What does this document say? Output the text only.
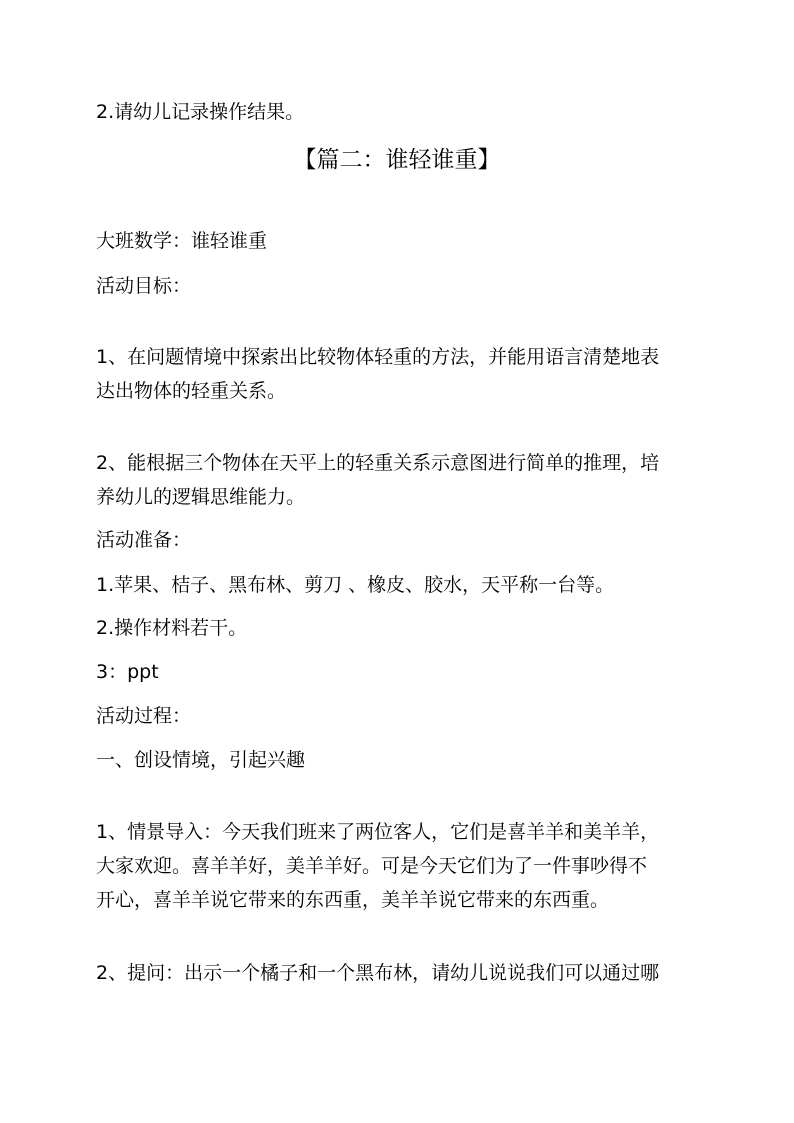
2.请幼儿记录操作结果。
【篇二：谁轻谁重】
大班数学：谁轻谁重
活动目标：
1、在问题情境中探索出比较物体轻重的方法，并能用语言清楚地表
达出物体的轻重关系。
2、能根据三个物体在天平上的轻重关系示意图进行简单的推理，培
养幼儿的逻辑思维能力。
活动准备：
1.苹果、桔子、黑布林、剪刀 、橡皮、胶水，天平称一台等。
2.操作材料若干。
3：ppt
活动过程：
一、创设情境，引起兴趣
1、情景导入：今天我们班来了两位客人，它们是喜羊羊和美羊羊，
大家欢迎。喜羊羊好，美羊羊好。可是今天它们为了一件事吵得不
开心，喜羊羊说它带来的东西重，美羊羊说它带来的东西重。
2、提问：出示一个橘子和一个黑布林，请幼儿说说我们可以通过哪
